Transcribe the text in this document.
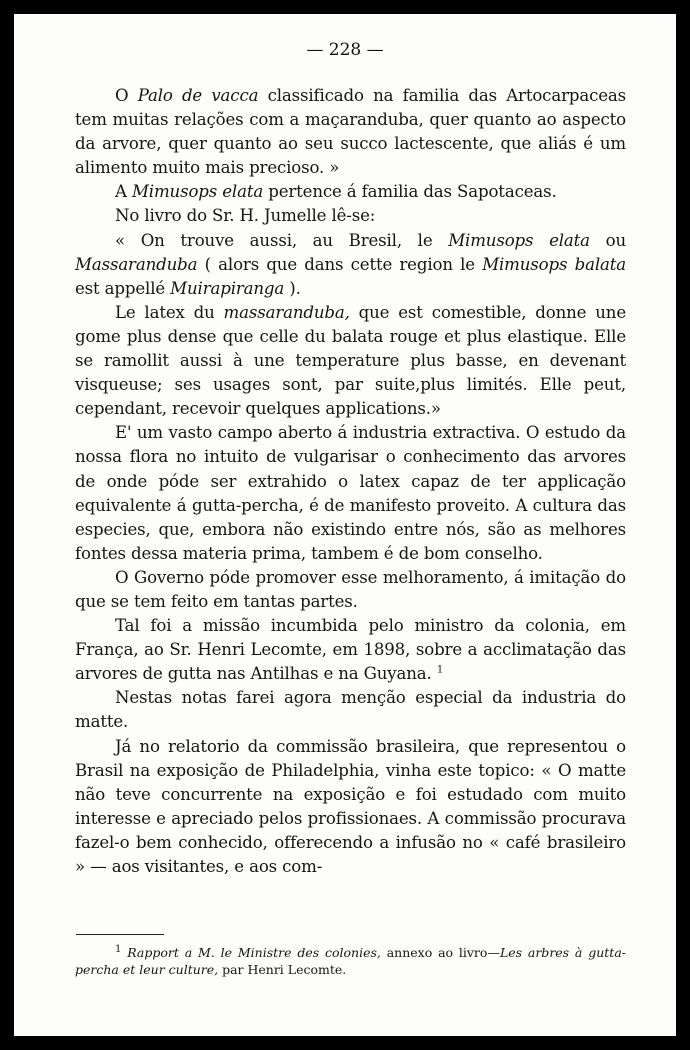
— 228 —

O Palo de vacca classificado na familia das Artocarpaceas tem muitas relações com a maçaranduba, quer quanto ao aspecto da arvore, quer quanto ao seu succo lactescente, que aliás é um alimento muito mais precioso. »

A Mimusops elata pertence á familia das Sapotaceas.

No livro do Sr. H. Jumelle lê-se:

« On trouve aussi, au Bresil, le Mimusops elata ou Massaranduba ( alors que dans cette region le Mimusops balata est appellé Muirapiranga ).

Le latex du massaranduba, que est comestible, donne une gome plus dense que celle du balata rouge et plus elastique. Elle se ramollit aussi à une temperature plus basse, en devenant visqueuse; ses usages sont, par suite,plus limités. Elle peut, cependant, recevoir quelques applications.»

E' um vasto campo aberto á industria extractiva. O estudo da nossa flora no intuito de vulgarisar o conhecimento das arvores de onde póde ser extrahido o latex capaz de ter applicação equivalente á gutta-percha, é de manifesto proveito. A cultura das especies, que, embora não existindo entre nós, são as melhores fontes dessa materia prima, tambem é de bom conselho.

O Governo póde promover esse melhoramento, á imitação do que se tem feito em tantas partes.

Tal foi a missão incumbida pelo ministro da colonia, em França, ao Sr. Henri Lecomte, em 1898, sobre a acclimatação das arvores de gutta nas Antilhas e na Guyana. $^1$

Nestas notas farei agora menção especial da industria do matte.

Já no relatorio da commissão brasileira, que representou o Brasil na exposição de Philadelphia, vinha este topico: « O matte não teve concurrente na exposição e foi estudado com muito interesse e apreciado pelos profissionaes. A commissão procurava fazel-o bem conhecido, offerecendo a infusão no « café brasileiro » — aos visitantes, e aos com-

$^1$ Rapport a M. le Ministre des colonies, annexo ao livro—Les arbres à gutta-percha et leur culture, par Henri Lecomte.
